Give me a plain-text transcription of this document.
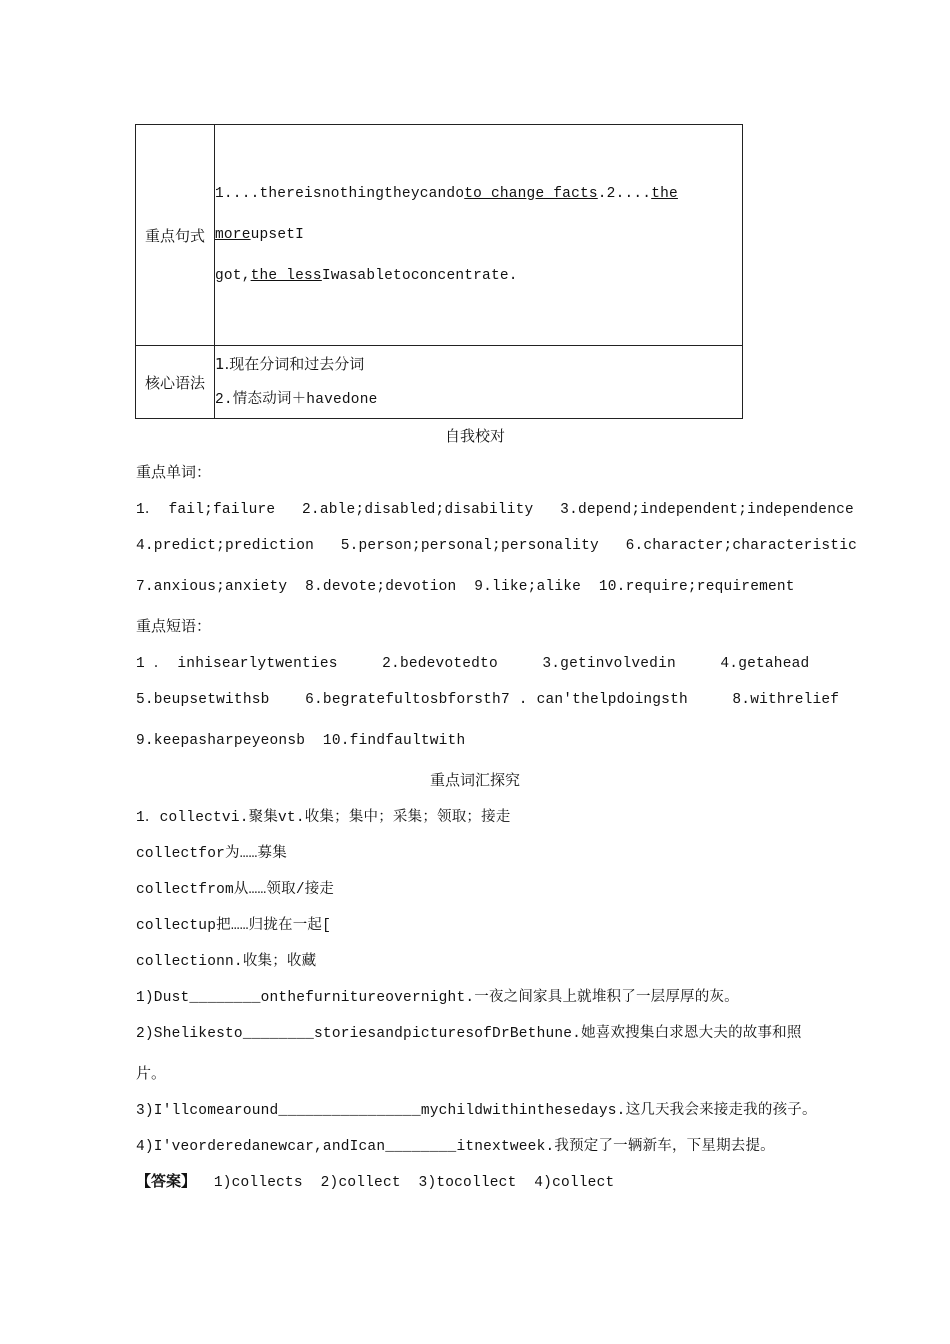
重点句式	1....thereisnothingtheycandoto change facts.2....the moreupsetI
got,the lessIwasabletoconcentrate.

核心语法	1.现在分词和过去分词
2.情态动词＋havedone
自我校对
重点单词：
1． fail;failure   2.able;disabled;disability   3.depend;independent;independence
4.predict;prediction   5.person;personal;personality   6.character;characteristic
7.anxious;anxiety  8.devote;devotion  9.like;alike  10.require;requirement
重点短语：
1 ． inhisearlytwenties     2.bedevotedto     3.getinvolvedin     4.getahead
5.beupsetwithsb    6.begratefultosbforsth7 . can'thelpdoingsth     8.withrelief
9.keepasharpeyeonsb  10.findfaultwith
重点词汇探究
1．collectvi.聚集vt.收集；集中；采集；领取；接走
collectfor为……募集
collectfrom从……领取/接走
collectup把……归拢在一起[
collectionn.收集；收藏
1)Dust________onthefurnitureovernight.一夜之间家具上就堆积了一层厚厚的灰。
2)Shelikesto________storiesandpicturesofDrBethune.她喜欢搜集白求恩大夫的故事和照
片。
3)I'llcomearound________________mychildwithinthesedays.这几天我会来接走我的孩子。
4)I'veorderedanewcar,andIcan________itnextweek.我预定了一辆新车，下星期去提。
【答案】  1)collects  2)collect  3)tocollect  4)collect
